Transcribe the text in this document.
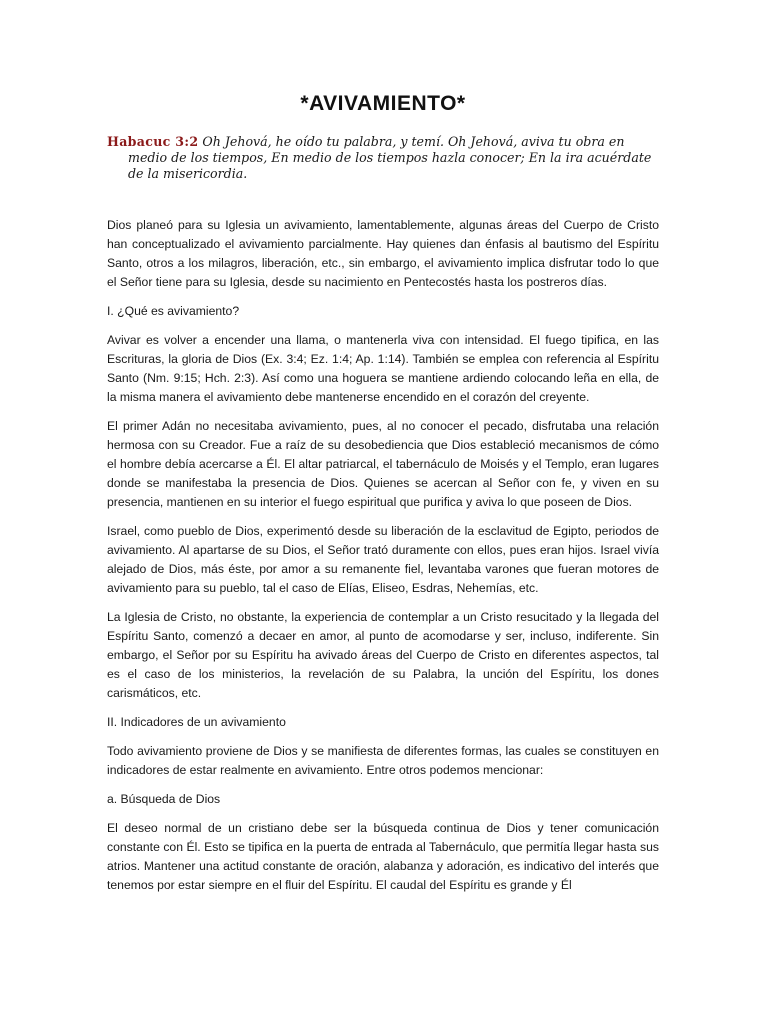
*AVIVAMIENTO*

Habacuc 3:2 Oh Jehová, he oído tu palabra, y temí. Oh Jehová, aviva tu obra en medio de los tiempos, En medio de los tiempos hazla conocer; En la ira acuérdate de la misericordia.

Dios planeó para su Iglesia un avivamiento, lamentablemente, algunas áreas del Cuerpo de Cristo han conceptualizado el avivamiento parcialmente. Hay quienes dan énfasis al bautismo del Espíritu Santo, otros a los milagros, liberación, etc., sin embargo, el avivamiento implica disfrutar todo lo que el Señor tiene para su Iglesia, desde su nacimiento en Pentecostés hasta los postreros días.

I. ¿Qué es avivamiento?

Avivar es volver a encender una llama, o mantenerla viva con intensidad. El fuego tipifica, en las Escrituras, la gloria de Dios (Ex. 3:4; Ez. 1:4; Ap. 1:14). También se emplea con referencia al Espíritu Santo (Nm. 9:15; Hch. 2:3). Así como una hoguera se mantiene ardiendo colocando leña en ella, de la misma manera el avivamiento debe mantenerse encendido en el corazón del creyente.

El primer Adán no necesitaba avivamiento, pues, al no conocer el pecado, disfrutaba una relación hermosa con su Creador. Fue a raíz de su desobediencia que Dios estableció mecanismos de cómo el hombre debía acercarse a Él. El altar patriarcal, el tabernáculo de Moisés y el Templo, eran lugares donde se manifestaba la presencia de Dios. Quienes se acercan al Señor con fe, y viven en su presencia, mantienen en su interior el fuego espiritual que purifica y aviva lo que poseen de Dios.

Israel, como pueblo de Dios, experimentó desde su liberación de la esclavitud de Egipto, periodos de avivamiento. Al apartarse de su Dios, el Señor trató duramente con ellos, pues eran hijos. Israel vivía alejado de Dios, más éste, por amor a su remanente fiel, levantaba varones que fueran motores de avivamiento para su pueblo, tal el caso de Elías, Eliseo, Esdras, Nehemías, etc.

La Iglesia de Cristo, no obstante, la experiencia de contemplar a un Cristo resucitado y la llegada del Espíritu Santo, comenzó a decaer en amor, al punto de acomodarse y ser, incluso, indiferente. Sin embargo, el Señor por su Espíritu ha avivado áreas del Cuerpo de Cristo en diferentes aspectos, tal es el caso de los ministerios, la revelación de su Palabra, la unción del Espíritu, los dones carismáticos, etc.

II. Indicadores de un avivamiento

Todo avivamiento proviene de Dios y se manifiesta de diferentes formas, las cuales se constituyen en indicadores de estar realmente en avivamiento. Entre otros podemos mencionar:

a. Búsqueda de Dios

El deseo normal de un cristiano debe ser la búsqueda continua de Dios y tener comunicación constante con Él. Esto se tipifica en la puerta de entrada al Tabernáculo, que permitía llegar hasta sus atrios. Mantener una actitud constante de oración, alabanza y adoración, es indicativo del interés que tenemos por estar siempre en el fluir del Espíritu. El caudal del Espíritu es grande y Él
